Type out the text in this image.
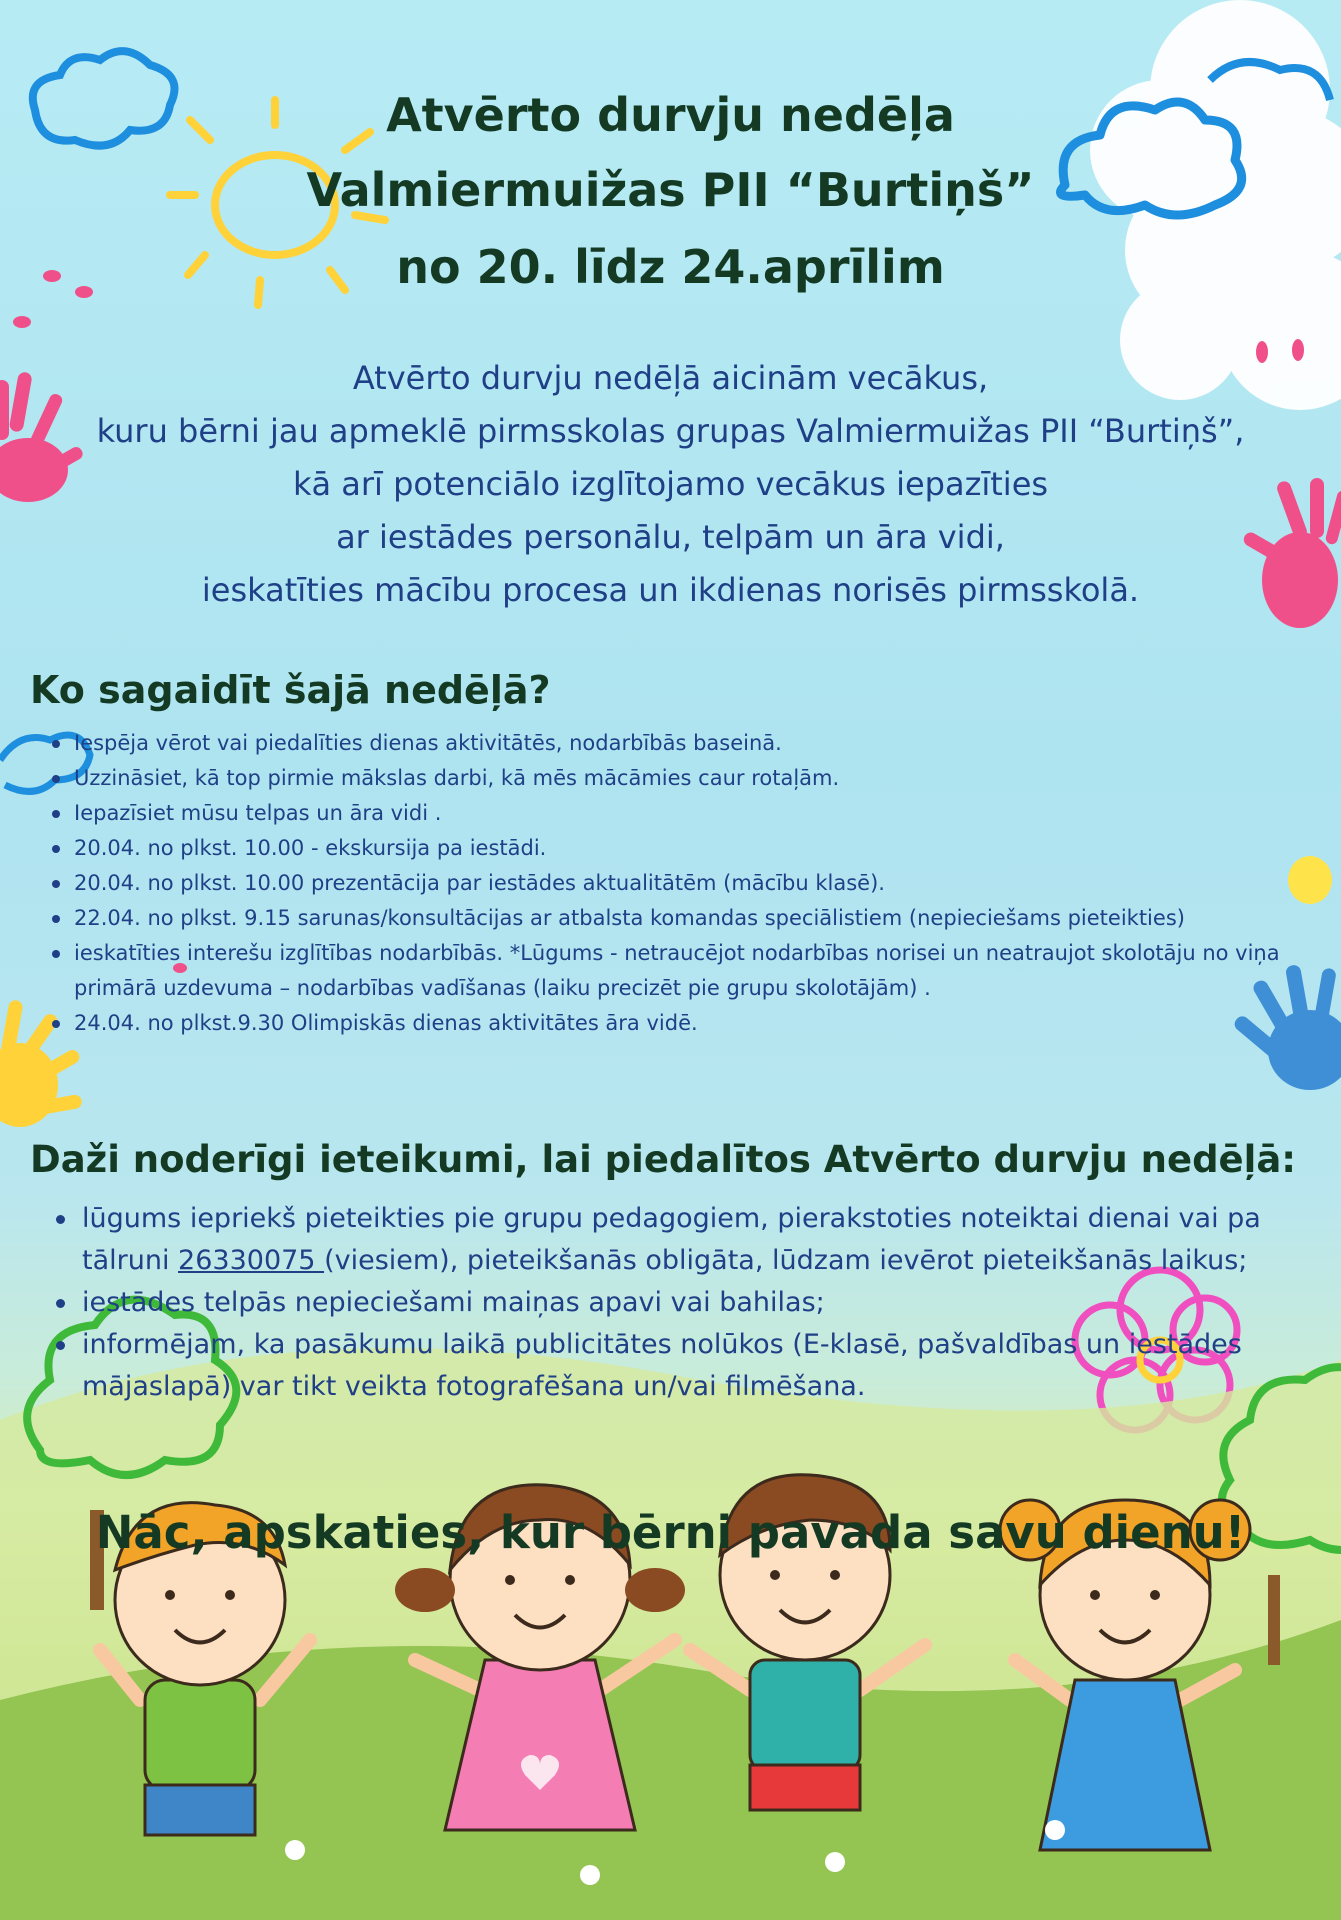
Atvērto durvju nedēļa
Valmiermuižas PII “Burtiņš”
no 20. līdz 24.aprīlim
Atvērto durvju nedēļā aicinām vecākus,
kuru bērni jau apmeklē pirmsskolas grupas Valmiermuižas PII “Burtiņš”,
kā arī potenciālo izglītojamo vecākus iepazīties
ar iestādes personālu, telpām un āra vidi,
ieskatīties mācību procesa un ikdienas norisēs pirmsskolā.
Ko sagaidīt šajā nedēļā?
Iespēja vērot vai piedalīties dienas aktivitātēs, nodarbībās baseinā.
Uzzināsiet, kā top pirmie mākslas darbi, kā mēs mācāmies caur rotaļām.
Iepazīsiet mūsu telpas un āra vidi .
20.04. no plkst. 10.00 - ekskursija pa iestādi.
20.04. no plkst. 10.00 prezentācija par iestādes aktualitātēm (mācību klasē).
22.04. no plkst. 9.15 sarunas/konsultācijas ar atbalsta komandas speciālistiem (nepieciešams pieteikties)
ieskatīties interešu izglītības nodarbībās. *Lūgums - netraucējot nodarbības norisei un neatraujot skolotāju no viņa primārā uzdevuma – nodarbības vadīšanas (laiku precizēt pie grupu skolotājām) .
24.04. no plkst.9.30 Olimpiskās dienas aktivitātes āra vidē.
Daži noderīgi ieteikumi, lai piedalītos Atvērto durvju nedēļā:
lūgums iepriekš pieteikties pie grupu pedagogiem, pierakstoties noteiktai dienai vai pa tālruni 26330075 (viesiem), pieteikšanās obligāta, lūdzam ievērot pieteikšanās laikus;
iestādes telpās nepieciešami maiņas apavi vai bahilas;
informējam, ka pasākumu laikā publicitātes nolūkos (E-klasē, pašvaldības un iestādes mājaslapā) var tikt veikta fotografēšana un/vai filmēšana.
Nāc, apskaties, kur bērni pavada savu dienu!
